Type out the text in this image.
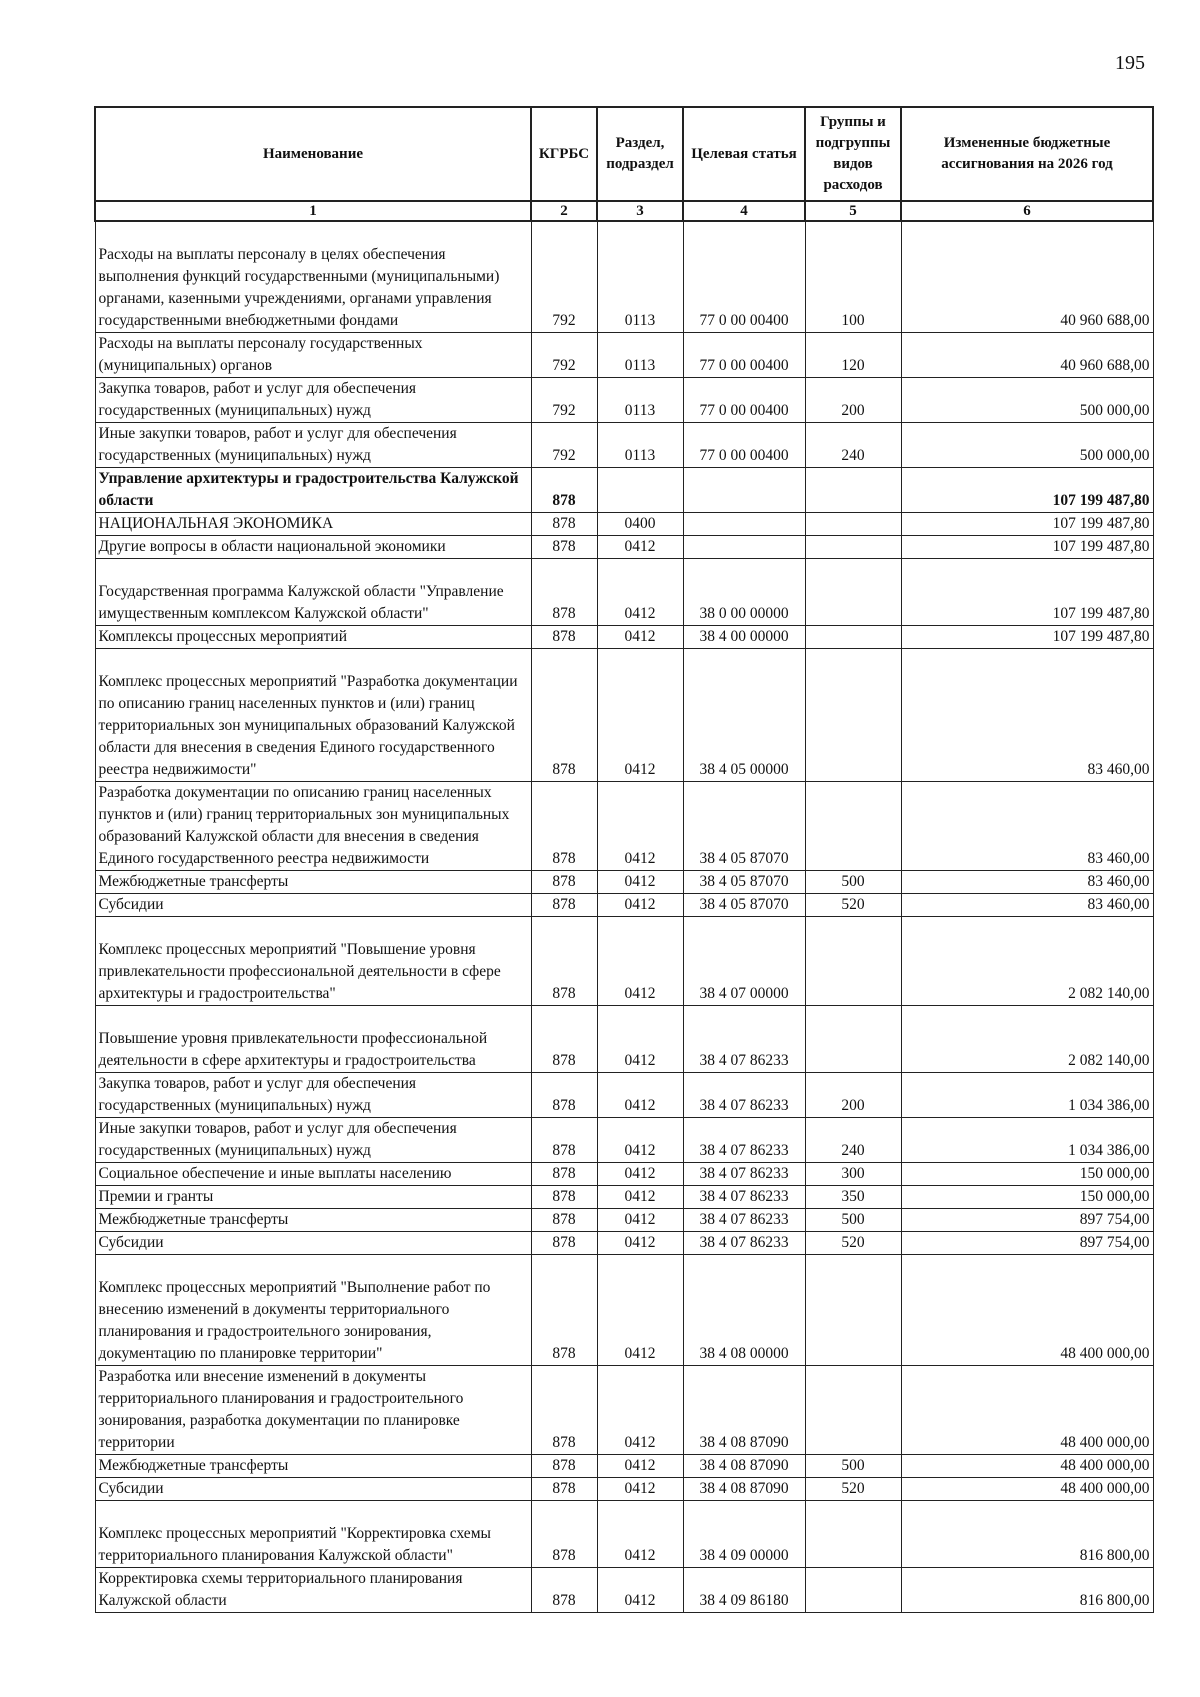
195
Наименование	КГРБС	Раздел, подраздел	Целевая статья	Группы и подгруппы видов расходов	Измененные бюджетные ассигнования на 2026 год
1	2	3	4	5	6
Расходы на выплаты персоналу в целях обеспечения выполнения функций государственными (муниципальными) органами, казенными учреждениями, органами управления государственными внебюджетными фондами	792	0113	77 0 00 00400	100	40 960 688,00
Расходы на выплаты персоналу государственных (муниципальных) органов	792	0113	77 0 00 00400	120	40 960 688,00
Закупка товаров, работ и услуг для обеспечения государственных (муниципальных) нужд	792	0113	77 0 00 00400	200	500 000,00
Иные закупки товаров, работ и услуг для обеспечения государственных (муниципальных) нужд	792	0113	77 0 00 00400	240	500 000,00
Управление архитектуры и градостроительства Калужской области	878				107 199 487,80
НАЦИОНАЛЬНАЯ ЭКОНОМИКА	878	0400			107 199 487,80
Другие вопросы в области национальной экономики	878	0412			107 199 487,80
Государственная программа Калужской области "Управление имущественным комплексом Калужской области"	878	0412	38 0 00 00000		107 199 487,80
Комплексы процессных мероприятий	878	0412	38 4 00 00000		107 199 487,80
Комплекс процессных мероприятий "Разработка документации по описанию границ населенных пунктов и (или) границ территориальных зон муниципальных образований Калужской области для внесения в сведения Единого государственного реестра недвижимости"	878	0412	38 4 05 00000		83 460,00
Разработка документации по описанию границ населенных пунктов и (или) границ территориальных зон муниципальных образований Калужской области для внесения в сведения Единого государственного реестра недвижимости	878	0412	38 4 05 87070		83 460,00
Межбюджетные трансферты	878	0412	38 4 05 87070	500	83 460,00
Субсидии	878	0412	38 4 05 87070	520	83 460,00
Комплекс процессных мероприятий "Повышение уровня привлекательности профессиональной деятельности в сфере архитектуры и градостроительства"	878	0412	38 4 07 00000		2 082 140,00
Повышение уровня привлекательности профессиональной деятельности в сфере архитектуры и градостроительства	878	0412	38 4 07 86233		2 082 140,00
Закупка товаров, работ и услуг для обеспечения государственных (муниципальных) нужд	878	0412	38 4 07 86233	200	1 034 386,00
Иные закупки товаров, работ и услуг для обеспечения государственных (муниципальных) нужд	878	0412	38 4 07 86233	240	1 034 386,00
Социальное обеспечение и иные выплаты населению	878	0412	38 4 07 86233	300	150 000,00
Премии и гранты	878	0412	38 4 07 86233	350	150 000,00
Межбюджетные трансферты	878	0412	38 4 07 86233	500	897 754,00
Субсидии	878	0412	38 4 07 86233	520	897 754,00
Комплекс процессных мероприятий "Выполнение работ по внесению изменений в документы территориального планирования и градостроительного зонирования, документацию по планировке территории"	878	0412	38 4 08 00000		48 400 000,00
Разработка или внесение изменений в документы территориального планирования и градостроительного зонирования, разработка документации по планировке территории	878	0412	38 4 08 87090		48 400 000,00
Межбюджетные трансферты	878	0412	38 4 08 87090	500	48 400 000,00
Субсидии	878	0412	38 4 08 87090	520	48 400 000,00
Комплекс процессных мероприятий "Корректировка схемы территориального планирования Калужской области"	878	0412	38 4 09 00000		816 800,00
Корректировка схемы территориального планирования Калужской области	878	0412	38 4 09 86180		816 800,00
